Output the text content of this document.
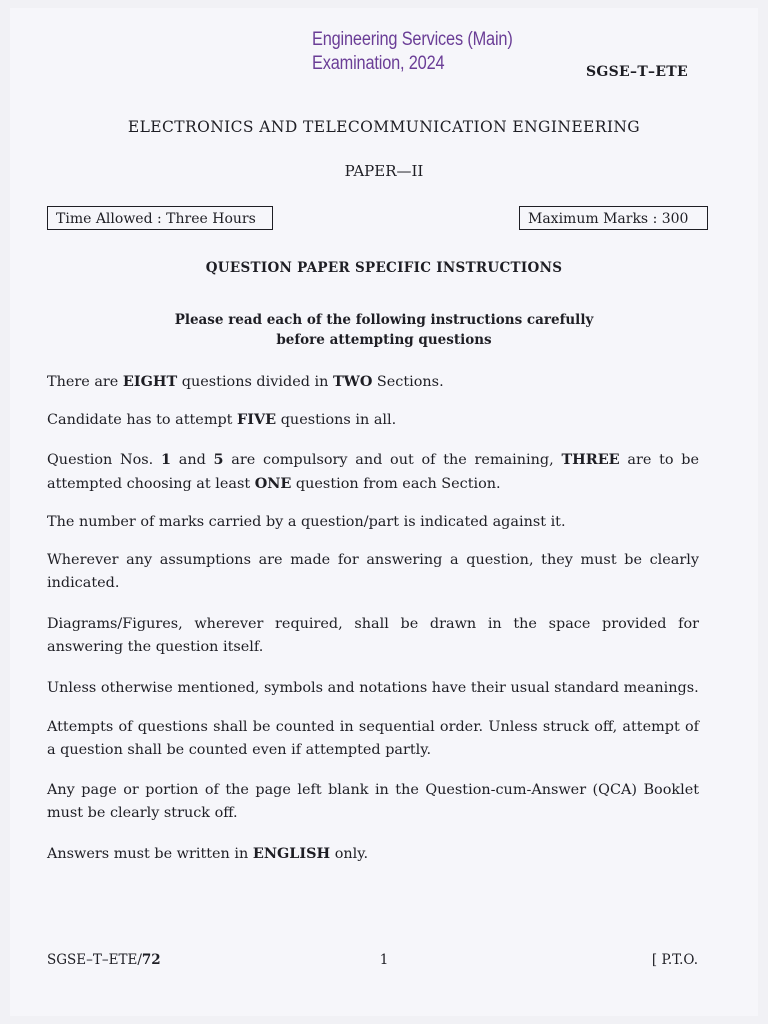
Engineering Services (Main)
Examination, 2024	SGSE–T–ETE
ELECTRONICS AND TELECOMMUNICATION ENGINEERING
PAPER—II
Time Allowed : Three Hours	Maximum Marks : 300
QUESTION PAPER SPECIFIC INSTRUCTIONS
Please read each of the following instructions carefully
before attempting questions
There are EIGHT questions divided in TWO Sections.
Candidate has to attempt FIVE questions in all.
Question Nos. 1 and 5 are compulsory and out of the remaining, THREE are to be attempted choosing at least ONE question from each Section.
The number of marks carried by a question/part is indicated against it.
Wherever any assumptions are made for answering a question, they must be clearly indicated.
Diagrams/Figures, wherever required, shall be drawn in the space provided for answering the question itself.
Unless otherwise mentioned, symbols and notations have their usual standard meanings.
Attempts of questions shall be counted in sequential order. Unless struck off, attempt of a question shall be counted even if attempted partly.
Any page or portion of the page left blank in the Question-cum-Answer (QCA) Booklet must be clearly struck off.
Answers must be written in ENGLISH only.
SGSE–T–ETE/72	1	[ P.T.O.
